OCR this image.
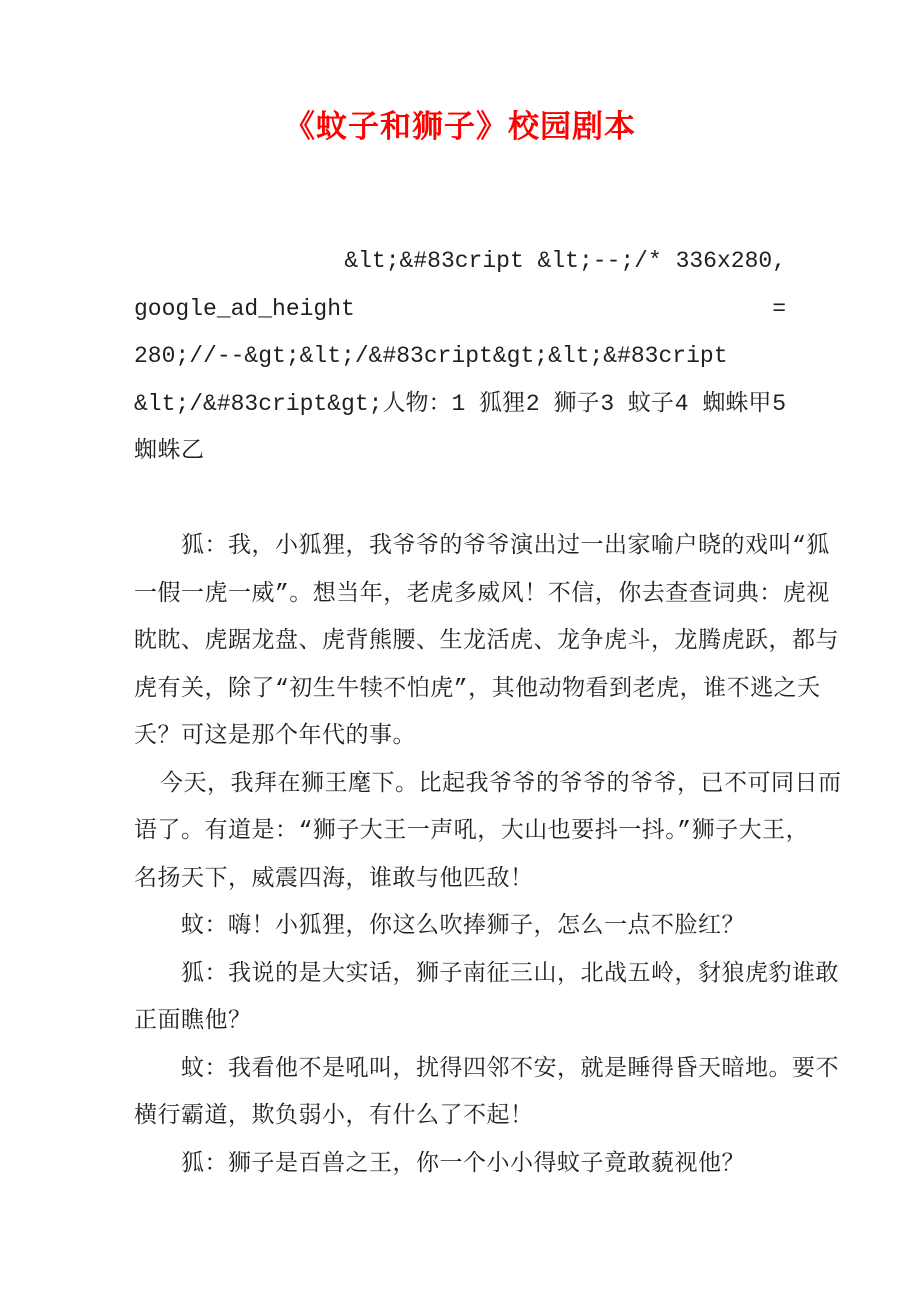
《蚊子和狮子》校园剧本
&lt;&#83cript &lt;--;/* 336x280,
google_ad_height	=
280;//--&gt;&lt;/&#83cript&gt;&lt;&#83cript
&lt;/&#83cript&gt;人物：1 狐狸 2 狮子 3 蚊子 4 蜘蛛甲 5
蜘蛛乙
狐：我，小狐狸，我爷爷的爷爷演出过一出家喻户晓的戏叫“狐
一假一虎一威”。想当年，老虎多威风！不信，你去查查词典：虎视
眈眈、虎踞龙盘、虎背熊腰、生龙活虎、龙争虎斗，龙腾虎跃，都与
虎有关，除了“初生牛犊不怕虎”，其他动物看到老虎，谁不逃之夭
夭？可这是那个年代的事。
今天，我拜在狮王麾下。比起我爷爷的爷爷的爷爷，已不可同日而
语了。有道是：“狮子大王一声吼，大山也要抖一抖。”狮子大王，
名扬天下，威震四海，谁敢与他匹敌！
蚊：嗨！小狐狸，你这么吹捧狮子，怎么一点不脸红？
狐：我说的是大实话，狮子南征三山，北战五岭，豺狼虎豹谁敢
正面瞧他？
蚊：我看他不是吼叫，扰得四邻不安，就是睡得昏天暗地。要不
横行霸道，欺负弱小，有什么了不起！
狐：狮子是百兽之王，你一个小小得蚊子竟敢藐视他？
